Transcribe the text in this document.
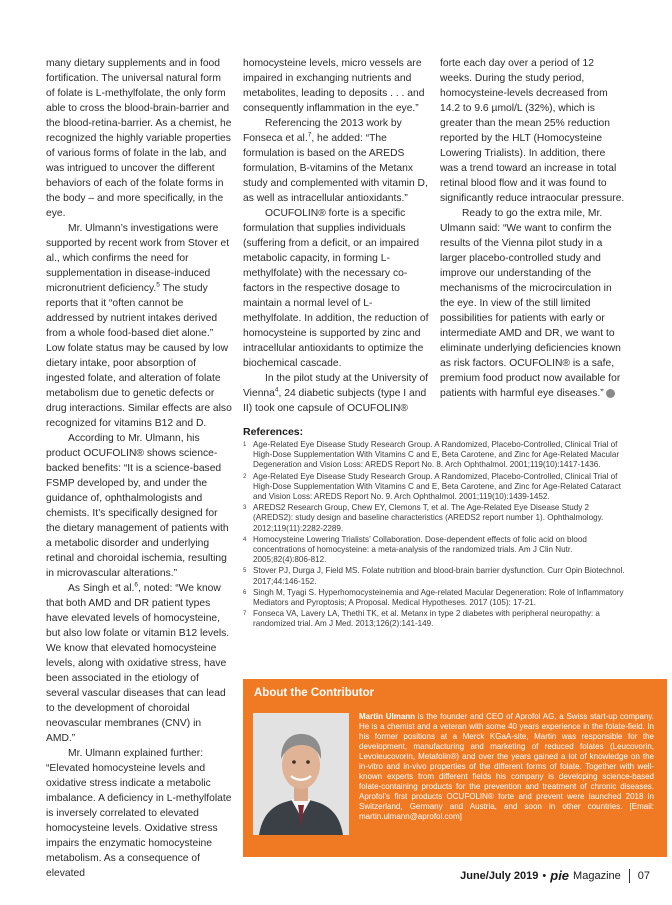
many dietary supplements and in food fortification. The universal natural form of folate is L-methylfolate, the only form able to cross the blood-brain-barrier and the blood-retina-barrier. As a chemist, he recognized the highly variable properties of various forms of folate in the lab, and was intrigued to uncover the different behaviors of each of the folate forms in the body – and more specifically, in the eye.

Mr. Ulmann’s investigations were supported by recent work from Stover et al., which confirms the need for supplementation in disease-induced micronutrient deficiency.$^5$ The study reports that it “often cannot be addressed by nutrient intakes derived from a whole food-based diet alone.” Low folate status may be caused by low dietary intake, poor absorption of ingested folate, and alteration of folate metabolism due to genetic defects or drug interactions. Similar effects are also recognized for vitamins B12 and D.

According to Mr. Ulmann, his product OCUFOLIN® shows science-backed benefits: “It is a science-based FSMP developed by, and under the guidance of, ophthalmologists and chemists. It’s specifically designed for the dietary management of patients with a metabolic disorder and underlying retinal and choroidal ischemia, resulting in microvascular alterations.”

As Singh et al.$^6$, noted: “We know that both AMD and DR patient types have elevated levels of homocysteine, but also low folate or vitamin B12 levels. We know that elevated homocysteine levels, along with oxidative stress, have been associated in the etiology of several vascular diseases that can lead to the development of choroidal neovascular membranes (CNV) in AMD.”

Mr. Ulmann explained further: “Elevated homocysteine levels and oxidative stress indicate a metabolic imbalance. A deficiency in L-methylfolate is inversely correlated to elevated homocysteine levels. Oxidative stress impairs the enzymatic homocysteine metabolism. As a consequence of elevated

homocysteine levels, micro vessels are impaired in exchanging nutrients and metabolites, leading to deposits . . . and consequently inflammation in the eye.”

Referencing the 2013 work by Fonseca et al.$^7$, he added: “The formulation is based on the AREDS formulation, B-vitamins of the Metanx study and complemented with vitamin D, as well as intracellular antioxidants.”

OCUFOLIN® forte is a specific formulation that supplies individuals (suffering from a deficit, or an impaired metabolic capacity, in forming L-methylfolate) with the necessary co-factors in the respective dosage to maintain a normal level of L-methylfolate. In addition, the reduction of homocysteine is supported by zinc and intracellular antioxidants to optimize the biochemical cascade.

In the pilot study at the University of Vienna$^4$, 24 diabetic subjects (type I and II) took one capsule of OCUFOLIN®

forte each day over a period of 12 weeks. During the study period, homocysteine-levels decreased from 14.2 to 9.6 µmol/L (32%), which is greater than the mean 25% reduction reported by the HLT (Homocysteine Lowering Trialists). In addition, there was a trend toward an increase in total retinal blood flow and it was found to significantly reduce intraocular pressure.

Ready to go the extra mile, Mr. Ulmann said: “We want to confirm the results of the Vienna pilot study in a larger placebo-controlled study and improve our understanding of the mechanisms of the microcirculation in the eye. In view of the still limited possibilities for patients with early or intermediate AMD and DR, we want to eliminate underlying deficiencies known as risk factors. OCUFOLIN® is a safe, premium food product now available for patients with harmful eye diseases.”

References:
1 Age-Related Eye Disease Study Research Group. A Randomized, Placebo-Controlled, Clinical Trial of High-Dose Supplementation With Vitamins C and E, Beta Carotene, and Zinc for Age-Related Macular Degeneration and Vision Loss: AREDS Report No. 8. Arch Ophthalmol. 2001;119(10):1417-1436.
2 Age-Related Eye Disease Study Research Group. A Randomized, Placebo-Controlled, Clinical Trial of High-Dose Supplementation With Vitamins C and E, Beta Carotene, and Zinc for Age-Related Cataract and Vision Loss: AREDS Report No. 9. Arch Ophthalmol. 2001;119(10):1439-1452.
3 AREDS2 Research Group, Chew EY, Clemons T, et al. The Age-Related Eye Disease Study 2 (AREDS2): study design and baseline characteristics (AREDS2 report number 1). Ophthalmology. 2012;119(11):2282-2289.
4 Homocysteine Lowering Trialists’ Collaboration. Dose-dependent effects of folic acid on blood concentrations of homocysteine: a meta-analysis of the randomized trials. Am J Clin Nutr. 2005;82(4):806-812.
5 Stover PJ, Durga J, Field MS. Folate nutrition and blood-brain barrier dysfunction. Curr Opin Biotechnol. 2017;44:146-152.
6 Singh M, Tyagi S. Hyperhomocysteinemia and Age-related Macular Degeneration: Role of Inflammatory Mediators and Pyroptosis; A Proposal. Medical Hypotheses. 2017 (105): 17-21.
7 Fonseca VA, Lavery LA, Thethi TK, et al. Metanx in type 2 diabetes with peripheral neuropathy: a randomized trial. Am J Med. 2013;126(2):141-149.
About the Contributor
Martin Ulmann is the founder and CEO of Aprofol AG, a Swiss start-up company. He is a chemist and a veteran with some 40 years experience in the folate-field. In his former positions at a Merck KGaA-site, Martin was responsible for the development, manufacturing and marketing of reduced folates (Leucovorin, Levoleucovorin, Metafolin®) and over the years gained a lot of knowledge on the in-vitro and in-vivo properties of the different forms of folate. Together with well-known experts from different fields his company is developing science-based folate-containing products for the prevention and treatment of chronic diseases. Aprofol’s first products OCUFOLIN® forte and prevent were launched 2018 in Switzerland, Germany and Austria, and soon in other countries. [Email: martin.ulmann@aprofol.com]
June/July 2019 • pie Magazine 07
